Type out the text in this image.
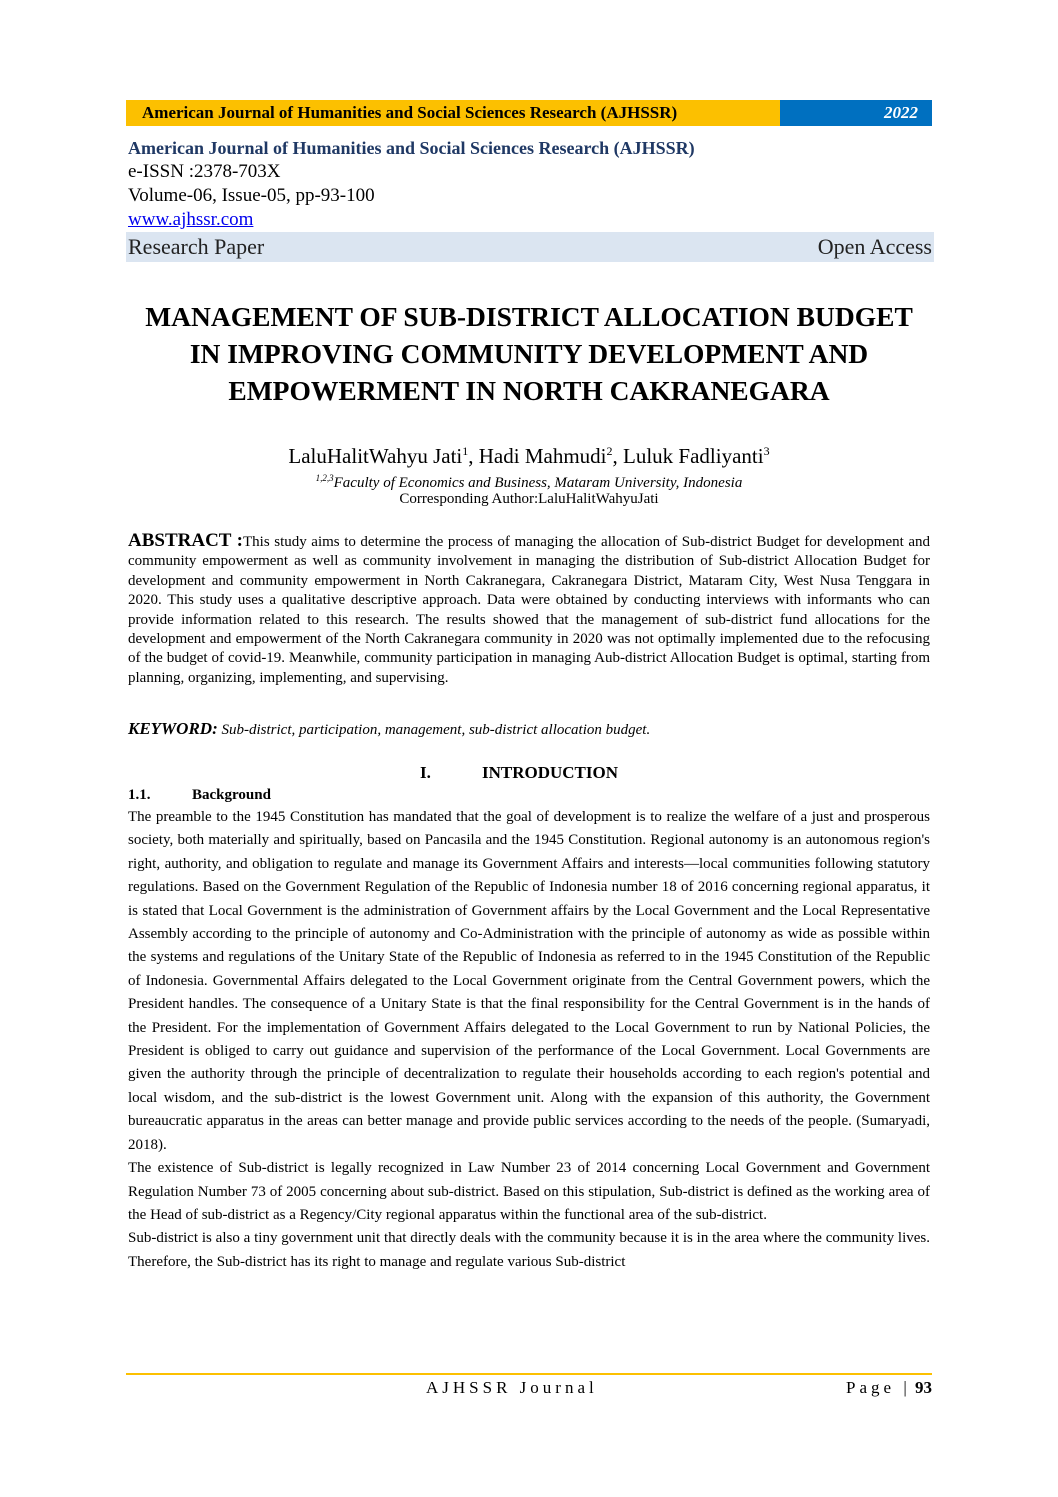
American Journal of Humanities and Social Sciences Research (AJHSSR)	2022
American Journal of Humanities and Social Sciences Research (AJHSSR)
e-ISSN :2378-703X
Volume-06, Issue-05, pp-93-100
www.ajhssr.com
Research Paper	Open Access
MANAGEMENT OF SUB-DISTRICT ALLOCATION BUDGET
IN IMPROVING COMMUNITY DEVELOPMENT AND
EMPOWERMENT IN NORTH CAKRANEGARA
LaluHalitWahyu Jati$^1$, Hadi Mahmudi$^2$, Luluk Fadliyanti$^3$
$^{1,2,3}$Faculty of Economics and Business, Mataram University, Indonesia
Corresponding Author:LaluHalitWahyuJati
ABSTRACT :This study aims to determine the process of managing the allocation of Sub-district Budget for development and community empowerment as well as community involvement in managing the distribution of Sub-district Allocation Budget for development and community empowerment in North Cakranegara, Cakranegara District, Mataram City, West Nusa Tenggara in 2020. This study uses a qualitative descriptive approach. Data were obtained by conducting interviews with informants who can provide information related to this research. The results showed that the management of sub-district fund allocations for the development and empowerment of the North Cakranegara community in 2020 was not optimally implemented due to the refocusing of the budget of covid-19. Meanwhile, community participation in managing Aub-district Allocation Budget is optimal, starting from planning, organizing, implementing, and supervising.
KEYWORD: Sub-district, participation, management, sub-district allocation budget.
I.	INTRODUCTION
1.1.	Background

The preamble to the 1945 Constitution has mandated that the goal of development is to realize the welfare of a just and prosperous society, both materially and spiritually, based on Pancasila and the 1945 Constitution. Regional autonomy is an autonomous region's right, authority, and obligation to regulate and manage its Government Affairs and interests—local communities following statutory regulations. Based on the Government Regulation of the Republic of Indonesia number 18 of 2016 concerning regional apparatus, it is stated that Local Government is the administration of Government affairs by the Local Government and the Local Representative Assembly according to the principle of autonomy and Co-Administration with the principle of autonomy as wide as possible within the systems and regulations of the Unitary State of the Republic of Indonesia as referred to in the 1945 Constitution of the Republic of Indonesia. Governmental Affairs delegated to the Local Government originate from the Central Government powers, which the President handles. The consequence of a Unitary State is that the final responsibility for the Central Government is in the hands of the President. For the implementation of Government Affairs delegated to the Local Government to run by National Policies, the President is obliged to carry out guidance and supervision of the performance of the Local Government. Local Governments are given the authority through the principle of decentralization to regulate their households according to each region's potential and local wisdom, and the sub-district is the lowest Government unit. Along with the expansion of this authority, the Government bureaucratic apparatus in the areas can better manage and provide public services according to the needs of the people. (Sumaryadi, 2018).

The existence of Sub-district is legally recognized in Law Number 23 of 2014 concerning Local Government and Government Regulation Number 73 of 2005 concerning about sub-district. Based on this stipulation, Sub-district is defined as the working area of the Head of sub-district as a Regency/City regional apparatus within the functional area of the sub-district.

Sub-district is also a tiny government unit that directly deals with the community because it is in the area where the community lives. Therefore, the Sub-district has its right to manage and regulate various Sub-district

AJHSSR Journal	Page | 93
